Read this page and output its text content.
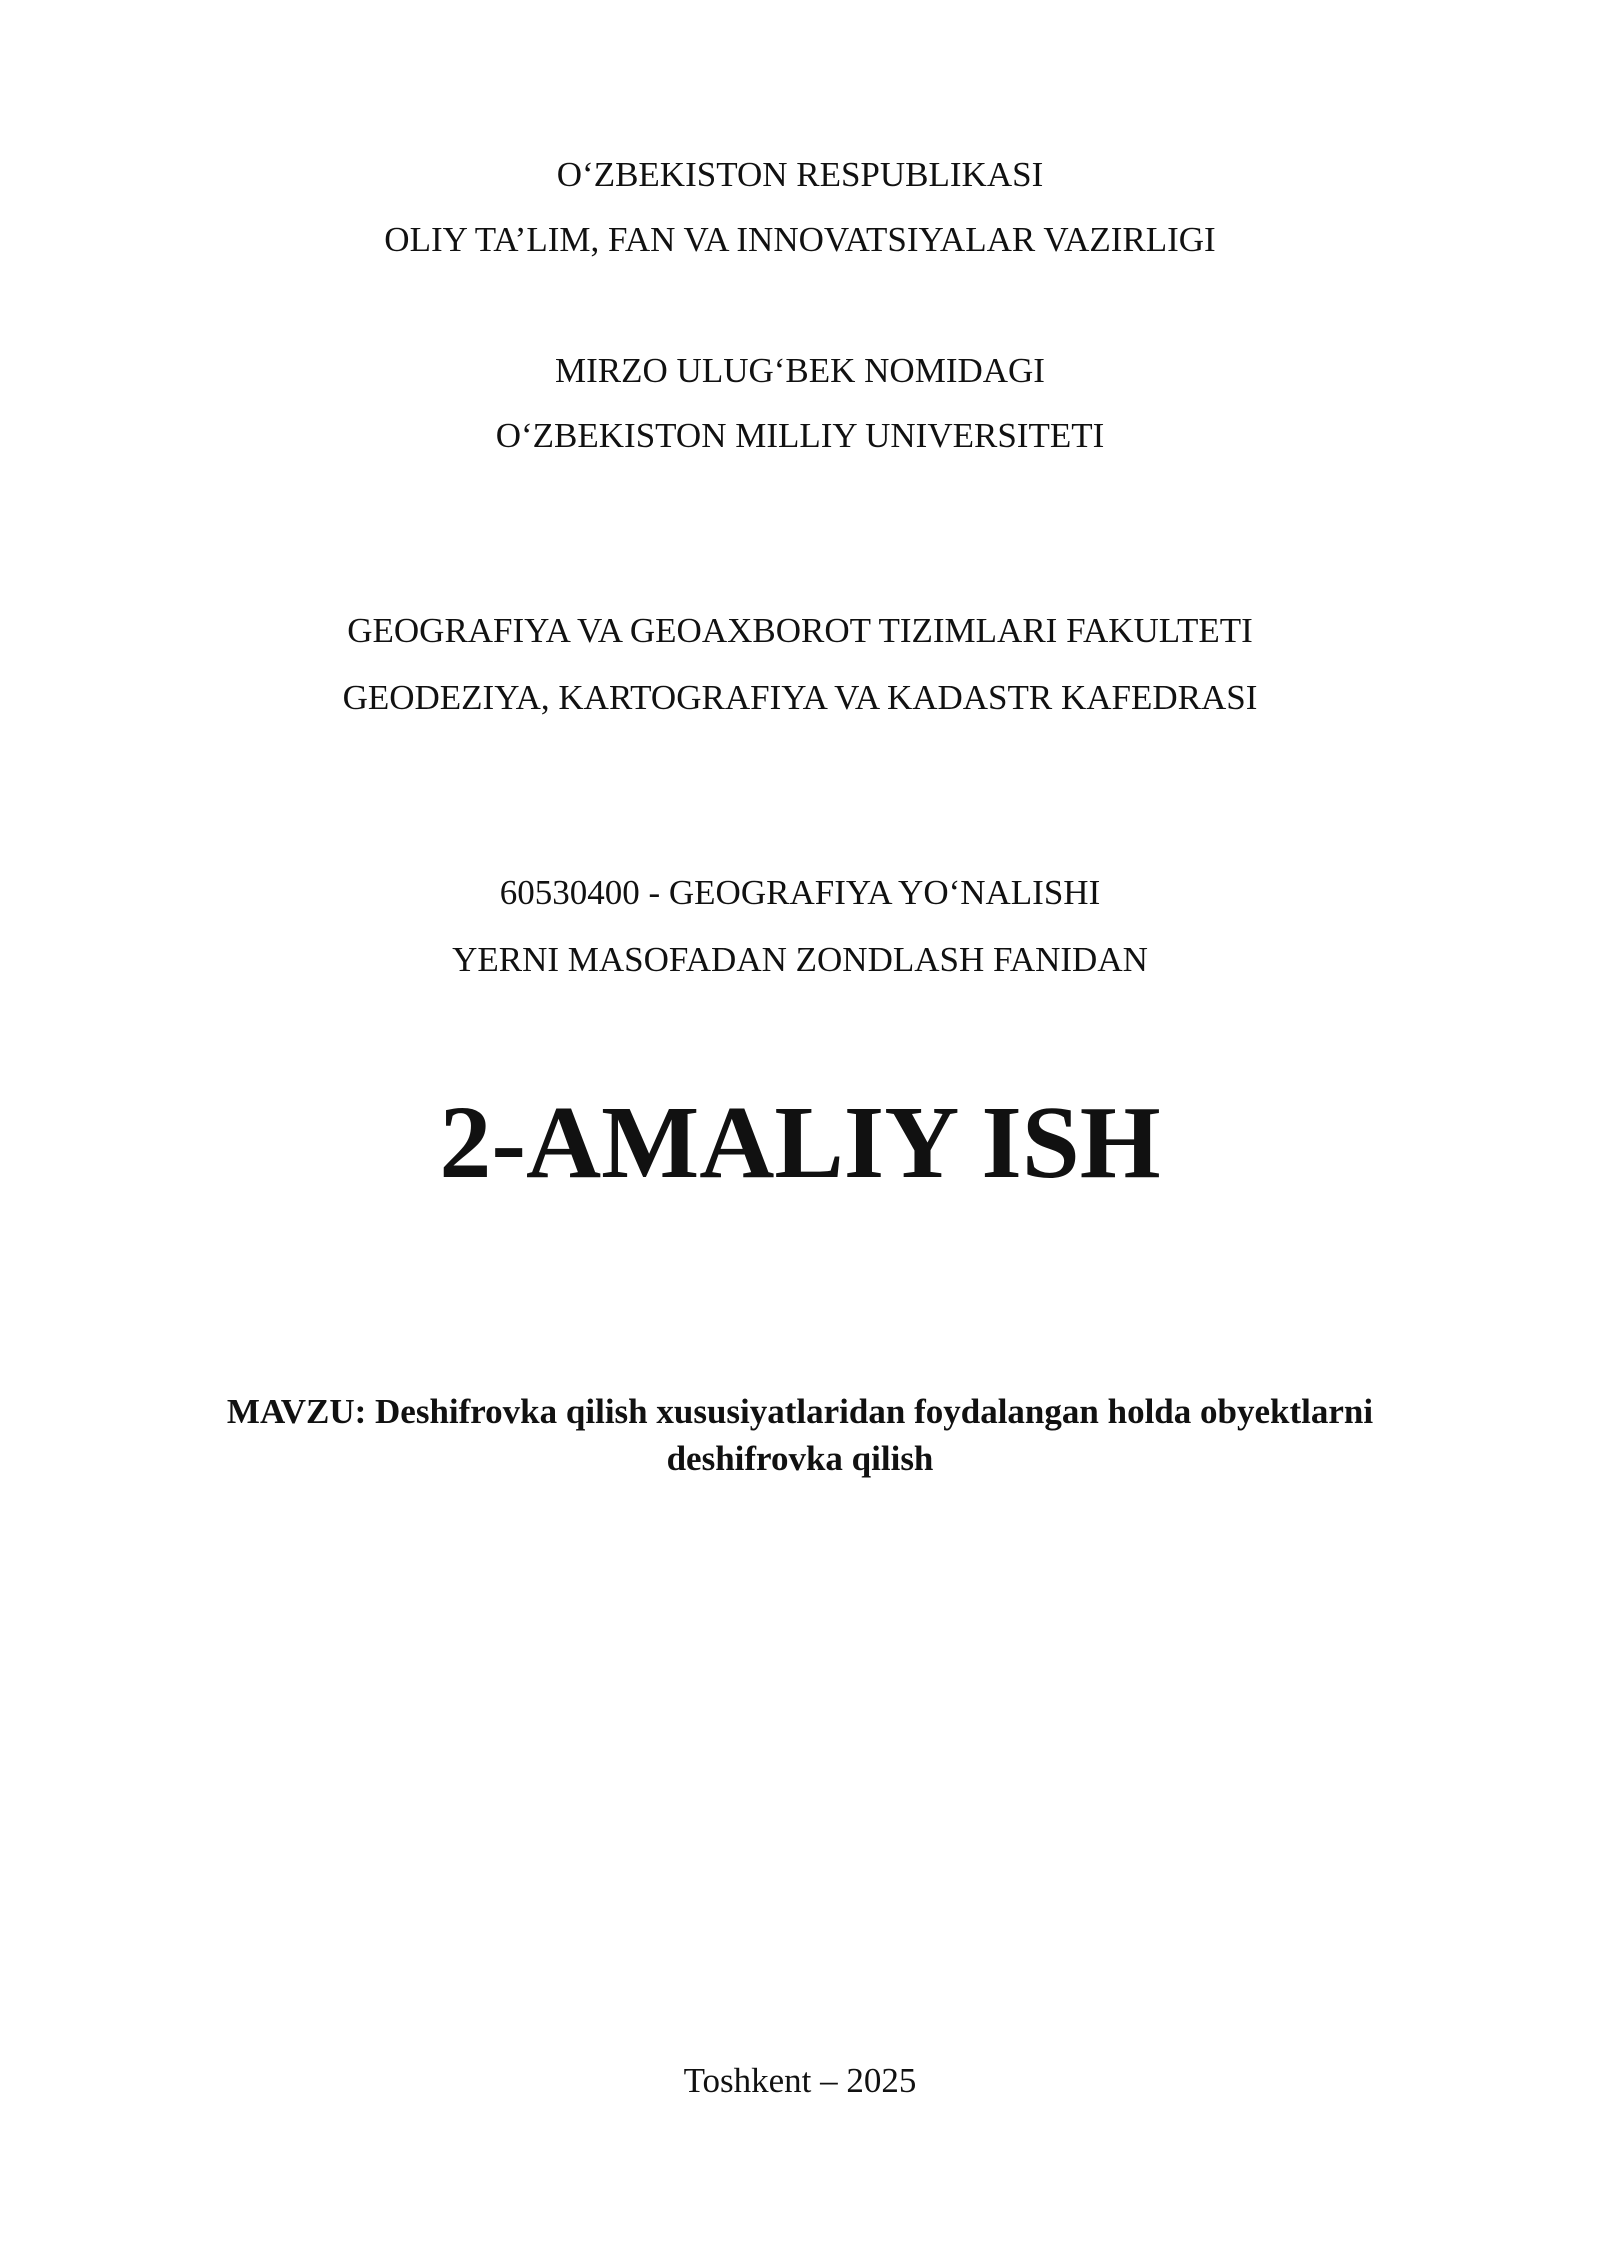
O‘ZBEKISTON RESPUBLIKASI
OLIY TA’LIM, FAN VA INNOVATSIYALAR VAZIRLIGI
MIRZO ULUG‘BEK NOMIDAGI
O‘ZBEKISTON MILLIY UNIVERSITETI
GEOGRAFIYA VA GEOAXBOROT TIZIMLARI FAKULTETI
GEODEZIYA, KARTOGRAFIYA VA KADASTR KAFEDRASI
60530400 - GEOGRAFIYA YO‘NALISHI
YERNI MASOFADAN ZONDLASH FANIDAN
2-AMALIY ISH
MAVZU: Deshifrovka qilish xususiyatlaridan foydalangan holda obyektlarni deshifrovka qilish
Toshkent – 2025
